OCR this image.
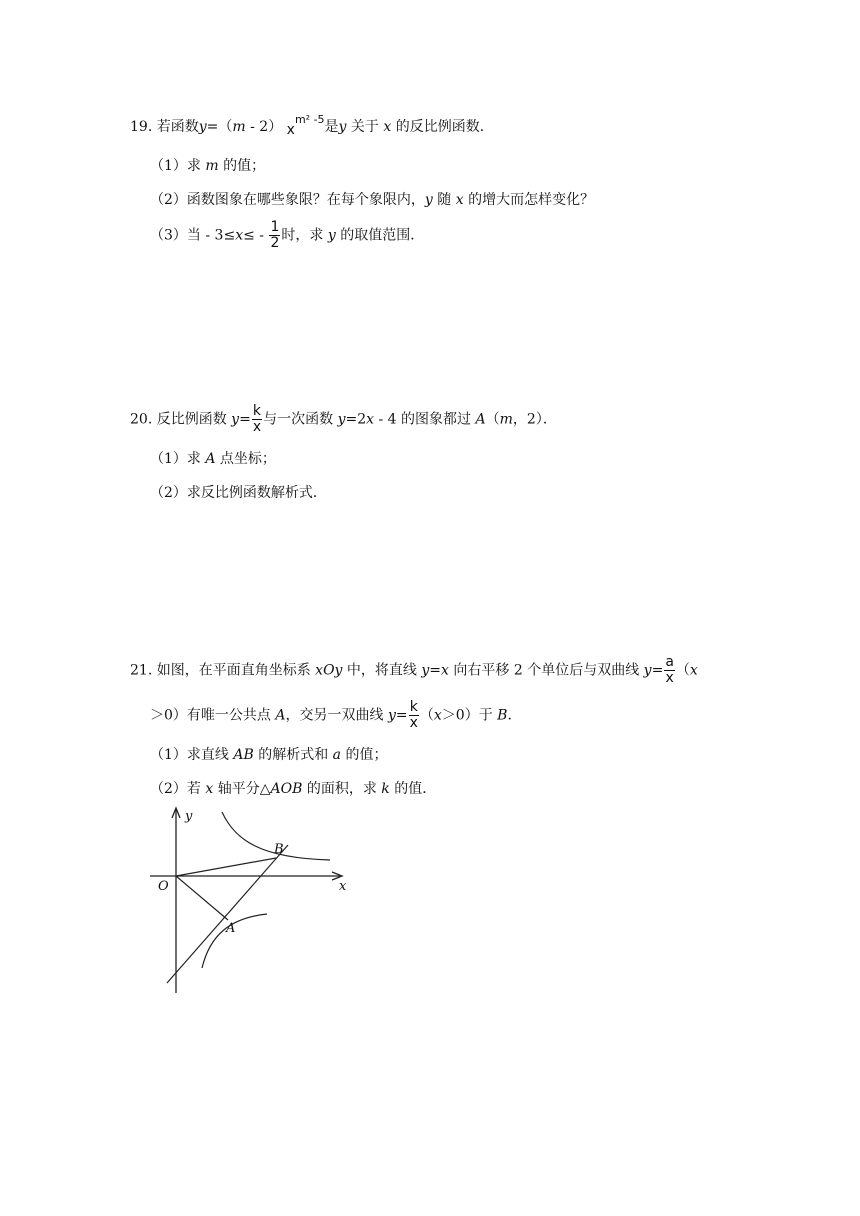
19. 若函数y=（m - 2） $x^{m^2 -5}$是y 关于 x 的反比例函数．
（1）求 m 的值；
（2）函数图象在哪些象限？在每个象限内，y 随 x 的增大而怎样变化？
（3）当 - $3\le x\le - \frac{1}{2}$ 时，求 y 的取值范围．
20. 反比例函数 $y= \frac{k}{x}$ 与一次函数 y=2x - 4 的图象都过 A（m，2）．
（1）求 A 点坐标；
（2）求反比例函数解析式．
21. 如图，在平面直角坐标系 xOy 中，将直线 y=x 向右平移 2 个单位后与双曲线 $y= \frac{a}{x} (x$
＞0）有唯一公共点 A，交另一双曲线 $y= \frac{k}{x} (x>0)$于 B.
（1）求直线 AB 的解析式和 a 的值；
（2）若 x 轴平分△AOB 的面积，求 k 的值．
y
x
O
A
B
